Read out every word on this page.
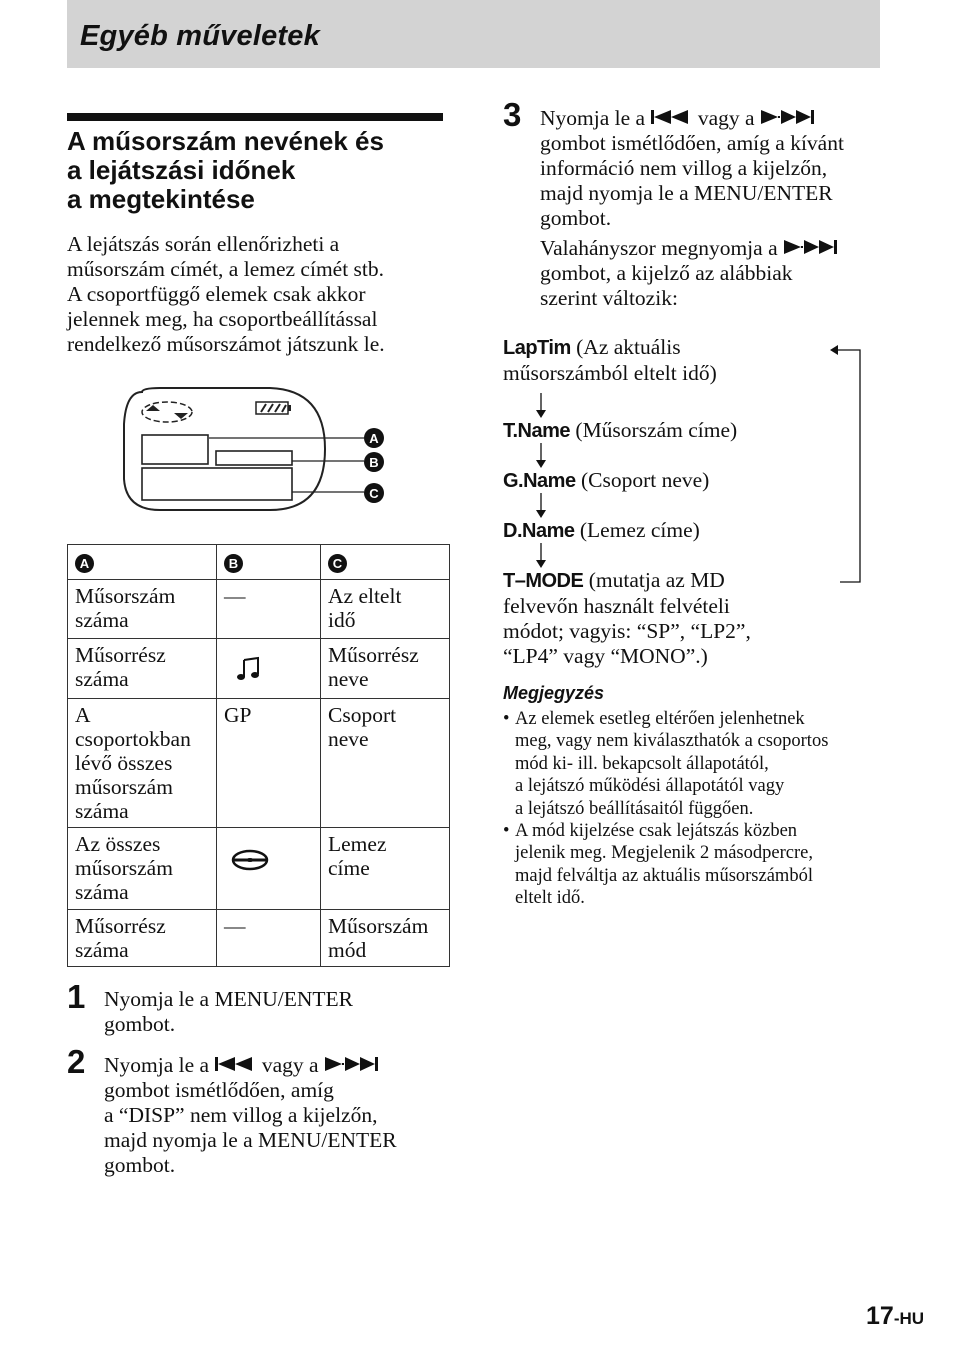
Egyéb műveletek
A műsorszám nevének és
a lejátszási időnek
a megtekintése
A lejátszás során ellenőrizheti a
műsorszám címét, a lemez címét stb.
A csoportfüggő elemek csak akkor
jelennek meg, ha csoportbeállítással
rendelkező műsorszámot játszunk le.
A
B
C
A	B	C
Műsorszám
száma	—	Az eltelt
idő
Műsorrész
száma		Műsorrész
neve
A
csoportokban
lévő összes
műsorszám
száma	GP	Csoport
neve
Az összes
műsorszám
száma		Lemez
címe
Műsorrész
száma	—	Műsorszám
mód
1 Nyomja le a MENU/ENTER
gombot.
2 Nyomja le a vagy a
gombot ismétlődően, amíg
a “DISP” nem villog a kijelzőn,
majd nyomja le a MENU/ENTER
gombot.
3 Nyomja le a vagy a
gombot ismétlődően, amíg a kívánt
információ nem villog a kijelzőn,
majd nyomja le a MENU/ENTER
gombot.
Valahányszor megnyomja a
gombot, a kijelző az alábbiak
szerint változik:
LapTim (Az aktuális
műsorszámból eltelt idő)
T.Name (Műsorszám címe)
G.Name (Csoport neve)
D.Name (Lemez címe)
T–MODE (mutatja az MD
felvevőn használt felvételi
módot; vagyis: “SP”, “LP2”,
“LP4” vagy “MONO”.)
Megjegyzés
• Az elemek esetleg eltérően jelenhetnek
meg, vagy nem kiválaszthatók a csoportos
mód ki- ill. bekapcsolt állapotától,
a lejátszó működési állapotától vagy
a lejátszó beállításaitól függően.
• A mód kijelzése csak lejátszás közben
jelenik meg. Megjelenik 2 másodpercre,
majd felváltja az aktuális műsorszámból
eltelt idő.
17-HU
